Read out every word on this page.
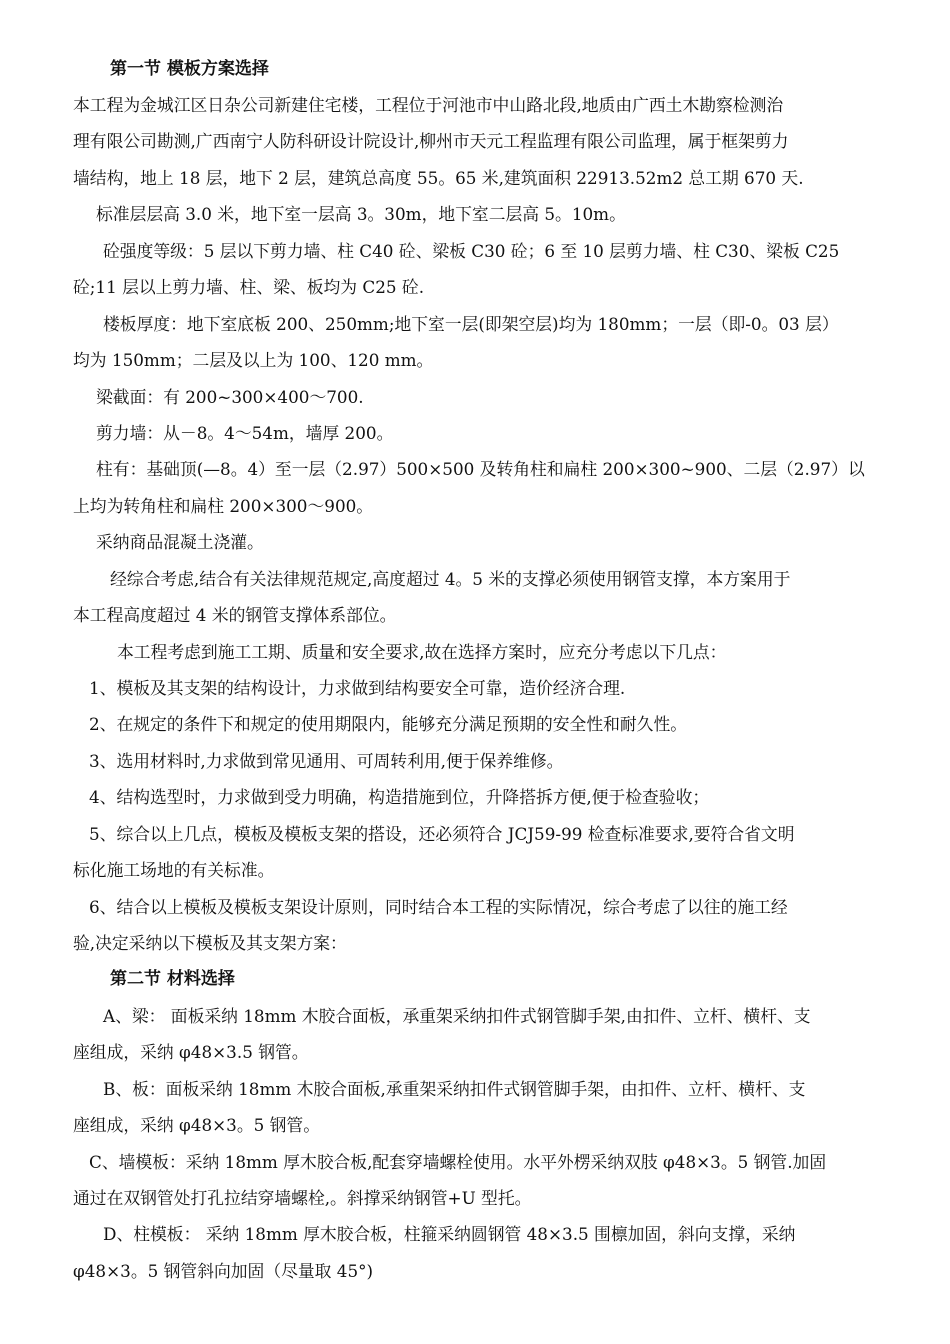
第一节 模板方案选择
本工程为金城江区日杂公司新建住宅楼，工程位于河池市中山路北段,地质由广西土木勘察检测治
理有限公司勘测,广西南宁人防科研设计院设计,柳州市天元工程监理有限公司监理，属于框架剪力
墙结构，地上 18 层，地下 2 层，建筑总高度 55。65 米,建筑面积 22913.52m2 总工期 670 天.
标准层层高 3.0 米，地下室一层高 3。30m，地下室二层高 5。10m。
砼强度等级：5 层以下剪力墙、柱 C40 砼、梁板 C30 砼；6 至 10 层剪力墙、柱 C30、梁板 C25
砼;11 层以上剪力墙、柱、梁、板均为 C25 砼.
楼板厚度：地下室底板 200、250mm;地下室一层(即架空层)均为 180mm；一层（即-0。03 层）
均为 150mm；二层及以上为 100、120 mm。
梁截面：有 200~300×400～700.
剪力墙：从－8。4～54m，墙厚 200。
柱有：基础顶(—8。4）至一层（2.97）500×500 及转角柱和扁柱 200×300~900、二层（2.97）以
上均为转角柱和扁柱 200×300～900。
采纳商品混凝土浇灌。
经综合考虑,结合有关法律规范规定,高度超过 4。5 米的支撑必须使用钢管支撑，本方案用于
本工程高度超过 4 米的钢管支撑体系部位。
本工程考虑到施工工期、质量和安全要求,故在选择方案时，应充分考虑以下几点：
1、模板及其支架的结构设计，力求做到结构要安全可靠，造价经济合理.
2、在规定的条件下和规定的使用期限内，能够充分满足预期的安全性和耐久性。
3、选用材料时,力求做到常见通用、可周转利用,便于保养维修。
4、结构选型时，力求做到受力明确，构造措施到位，升降搭拆方便,便于检查验收；
5、综合以上几点，模板及模板支架的搭设，还必须符合 JCJ59-99 检查标准要求,要符合省文明
标化施工场地的有关标准。
6、结合以上模板及模板支架设计原则，同时结合本工程的实际情况，综合考虑了以往的施工经
验,决定采纳以下模板及其支架方案：
第二节 材料选择
A、梁： 面板采纳 18mm 木胶合面板，承重架采纳扣件式钢管脚手架,由扣件、立杆、横杆、支
座组成，采纳 φ48×3.5 钢管。
B、板：面板采纳 18mm 木胶合面板,承重架采纳扣件式钢管脚手架，由扣件、立杆、横杆、支
座组成，采纳 φ48×3。5 钢管。
C、墙模板：采纳 18mm 厚木胶合板,配套穿墙螺栓使用。水平外楞采纳双肢 φ48×3。5 钢管.加固
通过在双钢管处打孔拉结穿墙螺栓,。斜撑采纳钢管+U 型托。
D、柱模板： 采纳 18mm 厚木胶合板，柱箍采纳圆钢管 48×3.5 围檩加固，斜向支撑，采纳
φ48×3。5 钢管斜向加固（尽量取 45°)
